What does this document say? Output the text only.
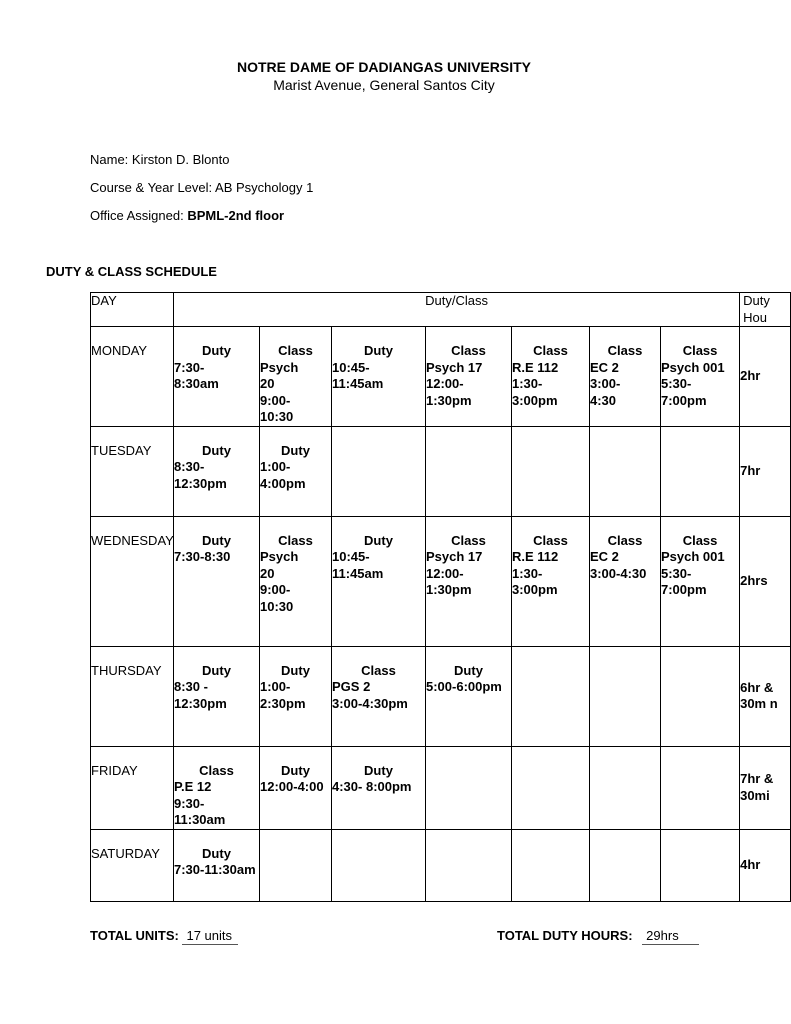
NOTRE DAME OF DADIANGAS UNIVERSITY
Marist Avenue, General Santos City
Name: Kirston D. Blonto
Course & Year Level: AB Psychology 1
Office Assigned: BPML-2nd floor
DUTY & CLASS SCHEDULE
DAY	Duty/Class							Duty Hou
MONDAY	Duty
7:30-
8:30am	Class
Psych
20
9:00-
10:30	Duty
10:45-
11:45am	Class
Psych 17
12:00-
1:30pm	Class
R.E 112
1:30-
3:00pm	Class
EC 2
3:00-
4:30	Class
Psych 001
5:30-
7:00pm	2hr
TUESDAY	Duty
8:30-
12:30pm	Duty
1:00-
4:00pm						7hr
WEDNESDAY	Duty
7:30-8:30	Class
Psych
20
9:00-
10:30	Duty
10:45-
11:45am	Class
Psych 17
12:00-
1:30pm	Class
R.E 112
1:30-
3:00pm	Class
EC 2
3:00-4:30	Class
Psych 001
5:30-
7:00pm	2hrs
THURSDAY	Duty
8:30 -
12:30pm	Duty
1:00-
2:30pm	Class
PGS 2
3:00-4:30pm	Duty
5:00-6:00pm				6hr & 30m n
FRIDAY	Class
P.E 12
9:30-
11:30am	Duty
12:00-4:00	Duty
4:30- 8:00pm					7hr & 30mi
SATURDAY	Duty
7:30-11:30am							4hr
TOTAL UNITS: 17 units	TOTAL DUTY HOURS: 29hrs
